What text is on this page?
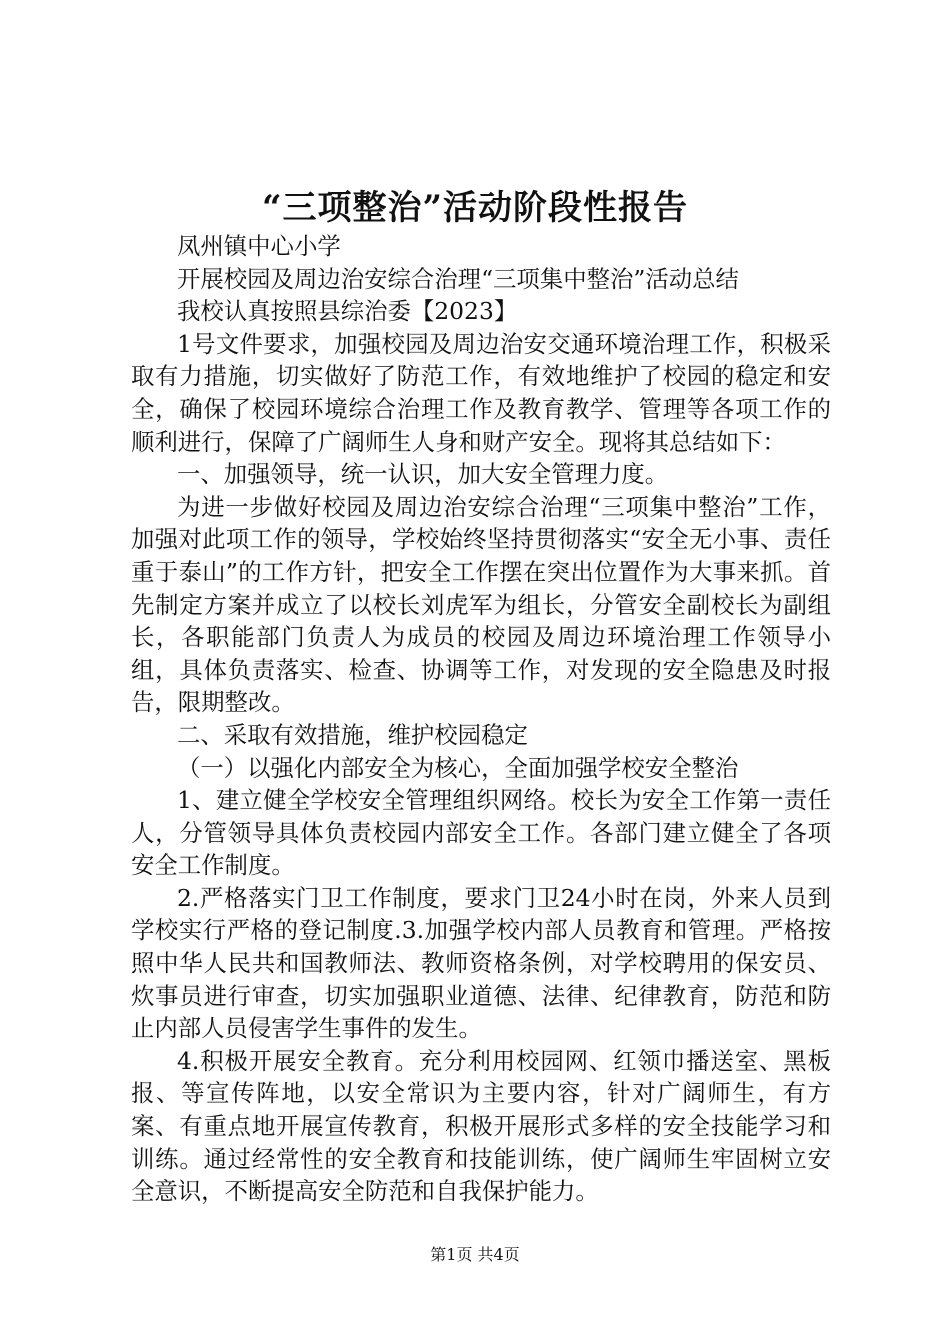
“三项整治”活动阶段性报告

凤州镇中心小学

开展校园及周边治安综合治理“三项集中整治”活动总结

我校认真按照县综治委【2023】

1号文件要求，加强校园及周边治安交通环境治理工作，积极采取有力措施，切实做好了防范工作，有效地维护了校园的稳定和安全，确保了校园环境综合治理工作及教育教学、管理等各项工作的顺利进行，保障了广阔师生人身和财产安全。现将其总结如下：

一、加强领导，统一认识，加大安全管理力度。

为进一步做好校园及周边治安综合治理“三项集中整治”工作，加强对此项工作的领导，学校始终坚持贯彻落实“安全无小事、责任重于泰山”的工作方针，把安全工作摆在突出位置作为大事来抓。首先制定方案并成立了以校长刘虎军为组长，分管安全副校长为副组长，各职能部门负责人为成员的校园及周边环境治理工作领导小组，具体负责落实、检查、协调等工作，对发现的安全隐患及时报告，限期整改。

二、采取有效措施，维护校园稳定

（一）以强化内部安全为核心，全面加强学校安全整治

1、建立健全学校安全管理组织网络。校长为安全工作第一责任人，分管领导具体负责校园内部安全工作。各部门建立健全了各项安全工作制度。

2.严格落实门卫工作制度，要求门卫24小时在岗，外来人员到学校实行严格的登记制度.3.加强学校内部人员教育和管理。严格按照中华人民共和国教师法、教师资格条例，对学校聘用的保安员、炊事员进行审查，切实加强职业道德、法律、纪律教育，防范和防止内部人员侵害学生事件的发生。

4.积极开展安全教育。充分利用校园网、红领巾播送室、黑板报、等宣传阵地，以安全常识为主要内容，针对广阔师生，有方案、有重点地开展宣传教育，积极开展形式多样的安全技能学习和训练。通过经常性的安全教育和技能训练，使广阔师生牢固树立安全意识，不断提高安全防范和自我保护能力。

第1页 共4页
